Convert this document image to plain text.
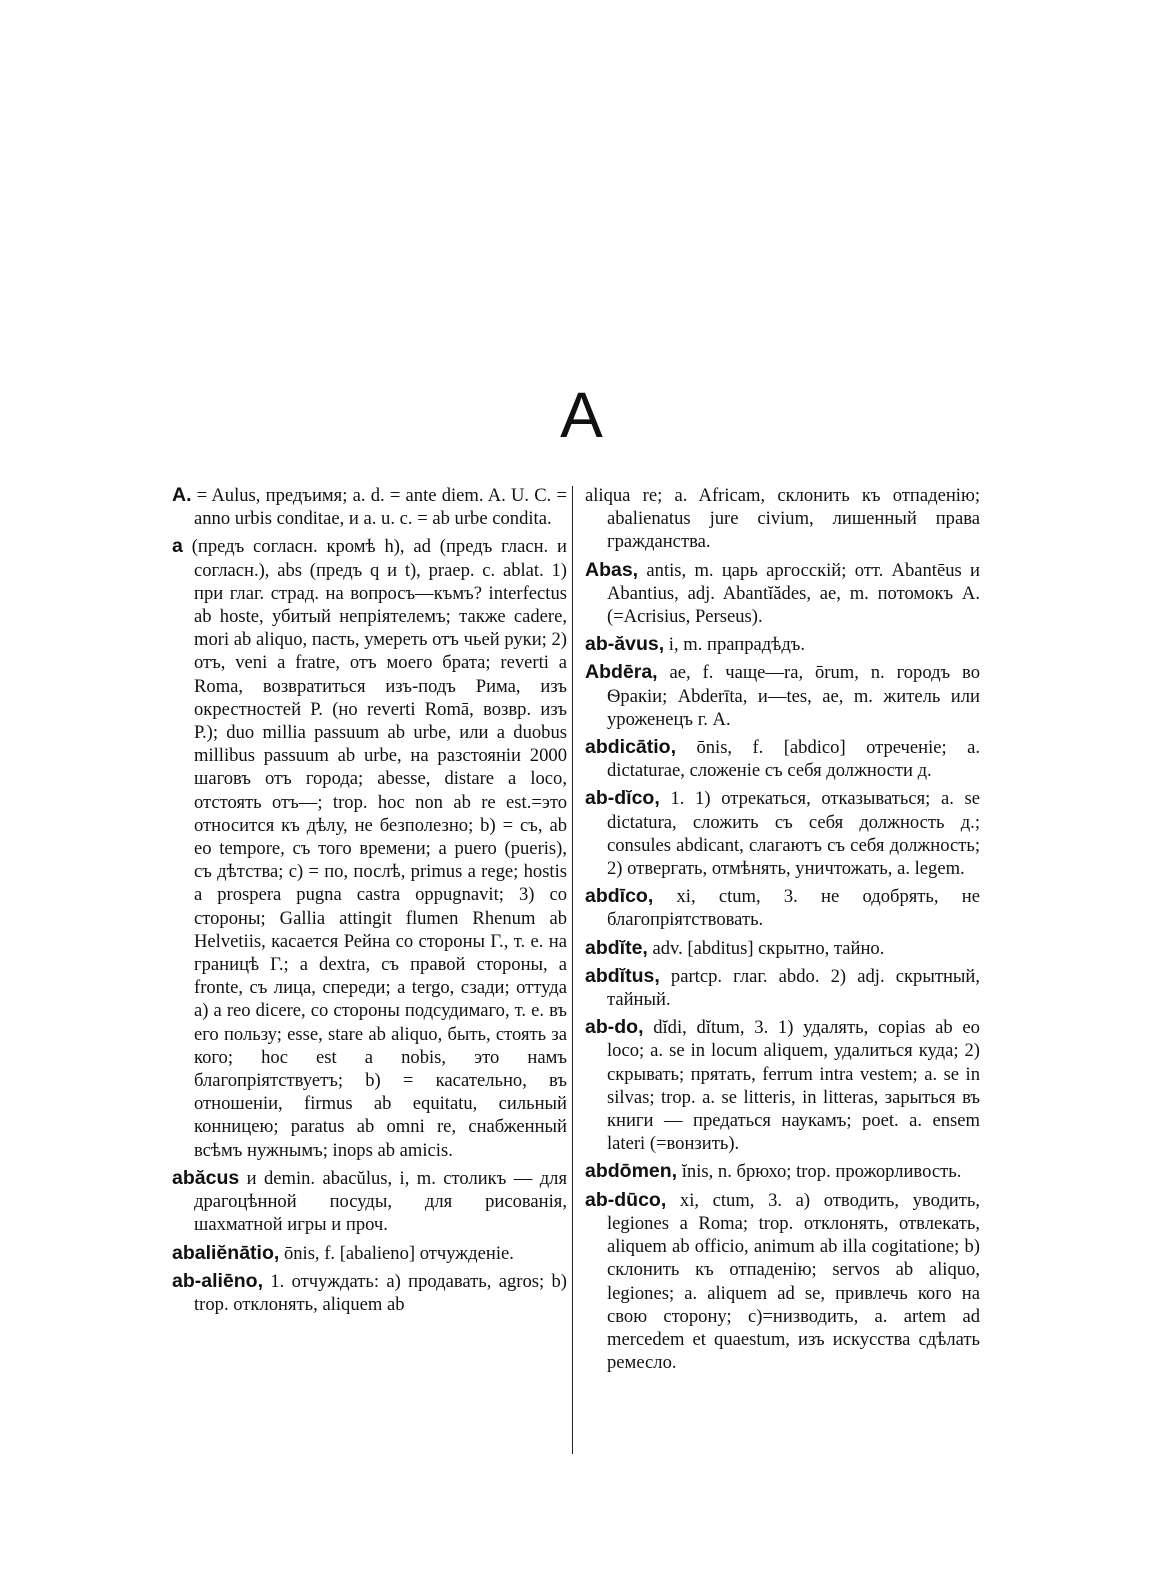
A

A. = Aulus, предъимя; a. d. = ante diem. A. U. C. = anno urbis conditae, и a. u. c. = ab urbe condita.

a (предъ согласн. кромѣ h), ad (предъ гласн. и согласн.), abs (предъ q и t), praep. c. ablat. 1) при глаг. страд. на вопросъ—къмъ? interfectus ab hoste, убитый непріятелемъ; также cadere, mori ab aliquo, пасть, умереть отъ чьей руки; 2) отъ, veni a fratre, отъ моего брата; reverti a Roma, возвратиться изъ-подъ Рима, изъ окрестностей Р. (но reverti Romā, возвр. изъ Р.); duo millia passuum ab urbe, или a duobus millibus passuum ab urbe, на разстояніи 2000 шаговъ отъ города; abesse, distare a loco, отстоять отъ—; trop. hoc non ab re est.=это относится къ дѣлу, не безполезно; b) = съ, ab eo tempore, съ того времени; a puero (pueris), съ дѣтства; c) = по, послѣ, primus a rege; hostis a prospera pugna castra oppugnavit; 3) со стороны; Gallia attingit flumen Rhenum ab Helvetiis, касается Рейна со стороны Г., т. е. на границѣ Г.; a dextra, съ правой стороны, a fronte, съ лица, спереди; a tergo, сзади; оттуда a) a reo dicere, со стороны подсудимаго, т. е. въ его пользу; esse, stare ab aliquo, быть, стоять за кого; hoc est a nobis, это намъ благопріятствуетъ; b) = касательно, въ отношеніи, firmus ab equitatu, сильный конницею; paratus ab omni re, снабженный всѣмъ нужнымъ; inops ab amicis.

abăcus и demin. abacŭlus, i, m. столикъ — для драгоцѣнной посуды, для рисованія, шахматной игры и проч.

abaliĕnātio, ōnis, f. [abalieno] отчужденіе.

ab-aliēno, 1. отчуждать: a) продавать, agros; b) trop. отклонять, aliquem ab

aliqua re; a. Africam, склонить къ отпаденію; abalienatus jure civium, лишенный права гражданства.

Abas, antis, m. царь аргосскій; отт. Abantēus и Abantius, adj. Abantĭădes, ae, m. потомокъ A. (=Acrisius, Perseus).

ab-ăvus, i, m. прапрадѣдъ.

Abdēra, ae, f. чаще—ra, ōrum, n. городъ во Ѳракіи; Abderīta, и—tes, ae, m. житель или уроженецъ г. A.

abdicātio, ōnis, f. [abdico] отреченіе; a. dictaturae, сложеніе съ себя должности д.

ab-dĭco, 1. 1) отрекаться, отказываться; a. se dictatura, сложить съ себя должность д.; consules abdicant, слагаютъ съ себя должность; 2) отвергать, отмѣнять, уничтожать, a. legem.

abdīco, xi, ctum, 3. не одобрять, не благопріятствовать.

abdĭte, adv. [abditus] скрытно, тайно.

abdĭtus, partcp. глаг. abdo. 2) adj. скрытный, тайный.

ab-do, dĭdi, dĭtum, 3. 1) удалять, copias ab eo loco; a. se in locum aliquem, удалиться куда; 2) скрывать; прятать, ferrum intra vestem; a. se in silvas; trop. a. se litteris, in litteras, зарыться въ книги — предаться наукамъ; poet. a. ensem lateri (=вонзить).

abdōmen, ĭnis, n. брюхо; trop. прожорливость.

ab-dūco, xi, ctum, 3. a) отводить, уводить, legiones a Roma; trop. отклонять, отвлекать, aliquem ab officio, animum ab illa cogitatione; b) склонить къ отпаденію; servos ab aliquo, legiones; a. aliquem ad se, привлечь кого на свою сторону; c)=низводить, a. artem ad mercedem et quaestum, изъ искусства сдѣлать ремесло.
